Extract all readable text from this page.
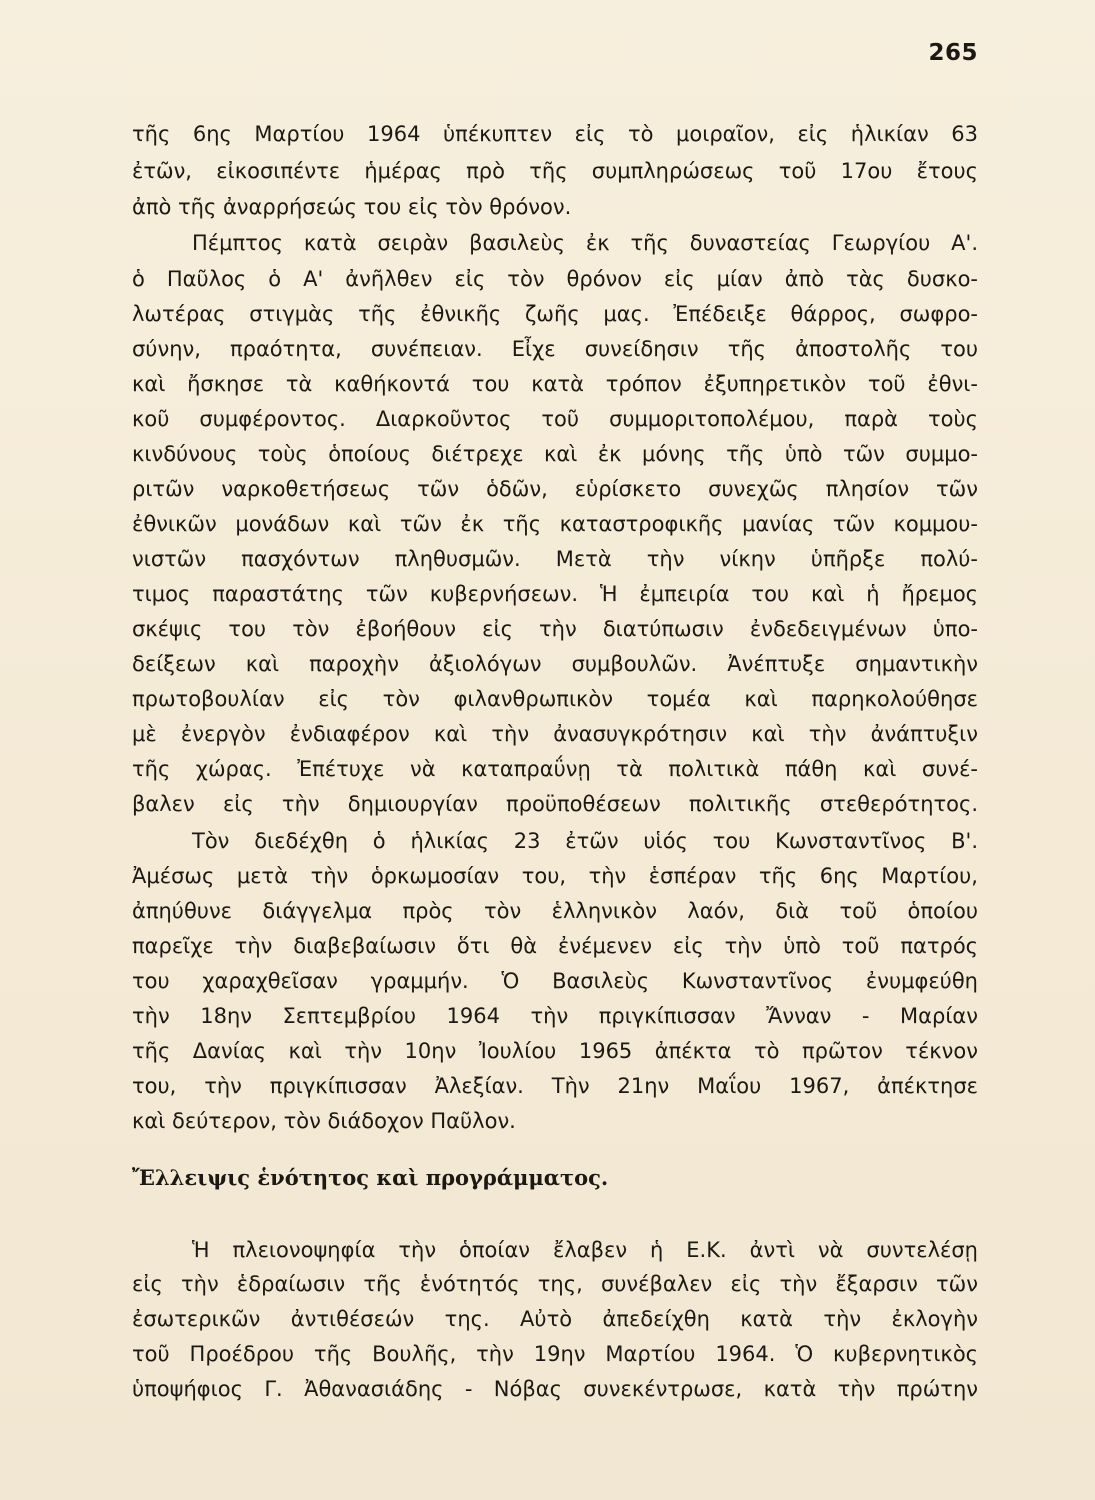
265
τῆς 6ης Μαρτίου 1964 ὑπέκυπτεν εἰς τὸ μοιραῖον, εἰς ἡλικίαν 63
ἐτῶν, εἰκοσιπέντε ἡμέρας πρὸ τῆς συμπληρώσεως τοῦ 17ου ἔτους
ἀπὸ τῆς ἀναρρήσεώς του εἰς τὸν θρόνον.
Πέμπτος κατὰ σειρὰν βασιλεὺς ἐκ τῆς δυναστείας Γεωργίου Α'.
ὁ Παῦλος ὁ Α' ἀνῆλθεν εἰς τὸν θρόνον εἰς μίαν ἀπὸ τὰς δυσκο-
λωτέρας στιγμὰς τῆς ἐθνικῆς ζωῆς μας. Ἐπέδειξε θάρρος, σωφρο-
σύνην, πραότητα, συνέπειαν. Εἶχε συνείδησιν τῆς ἀποστολῆς του
καὶ ἤσκησε τὰ καθήκοντά του κατὰ τρόπον ἐξυπηρετικὸν τοῦ ἐθνι-
κοῦ συμφέροντος. Διαρκοῦντος τοῦ συμμοριτοπολέμου, παρὰ τοὺς
κινδύνους τοὺς ὁποίους διέτρεχε καὶ ἐκ μόνης τῆς ὑπὸ τῶν συμμο-
ριτῶν ναρκοθετήσεως τῶν ὁδῶν, εὑρίσκετο συνεχῶς πλησίον τῶν
ἐθνικῶν μονάδων καὶ τῶν ἐκ τῆς καταστροφικῆς μανίας τῶν κομμου-
νιστῶν πασχόντων πληθυσμῶν. Μετὰ τὴν νίκην ὑπῆρξε πολύ-
τιμος παραστάτης τῶν κυβερνήσεων. Ἡ ἐμπειρία του καὶ ἡ ἤρεμος
σκέψις του τὸν ἐβοήθουν εἰς τὴν διατύπωσιν ἐνδεδειγμένων ὑπο-
δείξεων καὶ παροχὴν ἀξιολόγων συμβουλῶν. Ἀνέπτυξε σημαντικὴν
πρωτοβουλίαν εἰς τὸν φιλανθρωπικὸν τομέα καὶ παρηκολούθησε
μὲ ἐνεργὸν ἐνδιαφέρον καὶ τὴν ἀνασυγκρότησιν καὶ τὴν ἀνάπτυξιν
τῆς χώρας. Ἐπέτυχε νὰ καταπραΰνῃ τὰ πολιτικὰ πάθη καὶ συνέ-
βαλεν εἰς τὴν δημιουργίαν προϋποθέσεων πολιτικῆς στεθερότητος.
Τὸν διεδέχθη ὁ ἡλικίας 23 ἐτῶν υἱός του Κωνσταντῖνος Β'.
Ἀμέσως μετὰ τὴν ὁρκωμοσίαν του, τὴν ἑσπέραν τῆς 6ης Μαρτίου,
ἀπηύθυνε διάγγελμα πρὸς τὸν ἑλληνικὸν λαόν, διὰ τοῦ ὁποίου
παρεῖχε τὴν διαβεβαίωσιν ὅτι θὰ ἐνέμενεν εἰς τὴν ὑπὸ τοῦ πατρός
του χαραχθεῖσαν γραμμήν. Ὁ Βασιλεὺς Κωνσταντῖνος ἐνυμφεύθη
τὴν 18ην Σεπτεμβρίου 1964 τὴν πριγκίπισσαν Ἄνναν - Μαρίαν
τῆς Δανίας καὶ τὴν 10ην Ἰουλίου 1965 ἀπέκτα τὸ πρῶτον τέκνον
του, τὴν πριγκίπισσαν Ἀλεξίαν. Τὴν 21ην Μαΐου 1967, ἀπέκτησε
καὶ δεύτερον, τὸν διάδοχον Παῦλον.
Ἔλλειψις ἑνότητος καὶ προγράμματος.
Ἡ πλειονοψηφία τὴν ὁποίαν ἔλαβεν ἡ Ε.Κ. ἀντὶ νὰ συντελέσῃ
εἰς τὴν ἑδραίωσιν τῆς ἑνότητός της, συνέβαλεν εἰς τὴν ἔξαρσιν τῶν
ἐσωτερικῶν ἀντιθέσεών της. Αὐτὸ ἀπεδείχθη κατὰ τὴν ἐκλογὴν
τοῦ Προέδρου τῆς Βουλῆς, τὴν 19ην Μαρτίου 1964. Ὁ κυβερνητικὸς
ὑποψήφιος Γ. Ἀθανασιάδης - Νόβας συνεκέντρωσε, κατὰ τὴν πρώτην
